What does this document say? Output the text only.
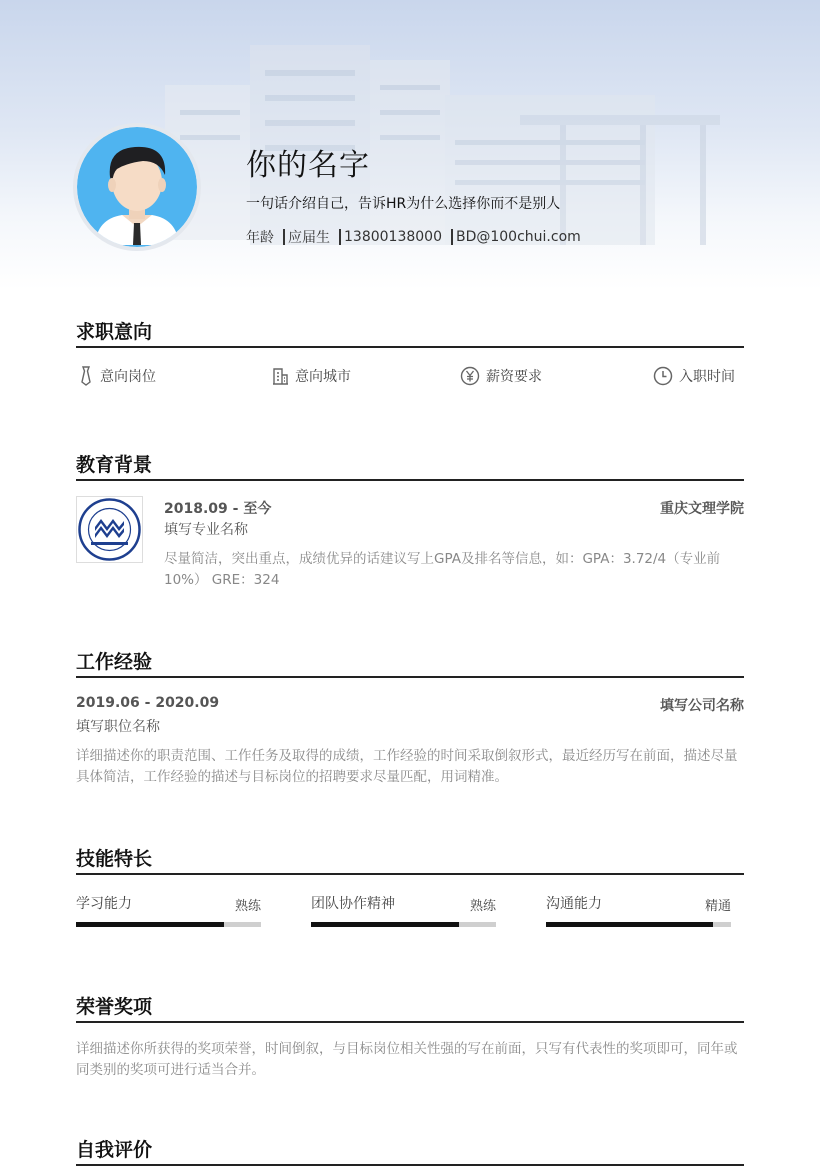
你的名字
一句话介绍自己，告诉HR为什么选择你而不是别人
年龄 应届生 13800138000 BD@100chui.com
求职意向
意向岗位	意向城市	薪资要求	入职时间
教育背景
2018.09 - 至今	重庆文理学院
填写专业名称
尽量简洁，突出重点，成绩优异的话建议写上GPA及排名等信息，如：GPA：3.72/4（专业前10%） GRE：324
工作经验
2019.06 - 2020.09	填写公司名称
填写职位名称
详细描述你的职责范围、工作任务及取得的成绩，工作经验的时间采取倒叙形式，最近经历写在前面，描述尽量具体简洁，工作经验的描述与目标岗位的招聘要求尽量匹配，用词精准。
技能特长
学习能力	熟练	团队协作精神	熟练	沟通能力	精通
荣誉奖项
详细描述你所获得的奖项荣誉，时间倒叙，与目标岗位相关性强的写在前面，只写有代表性的奖项即可，同年或同类别的奖项可进行适当合并。
自我评价
